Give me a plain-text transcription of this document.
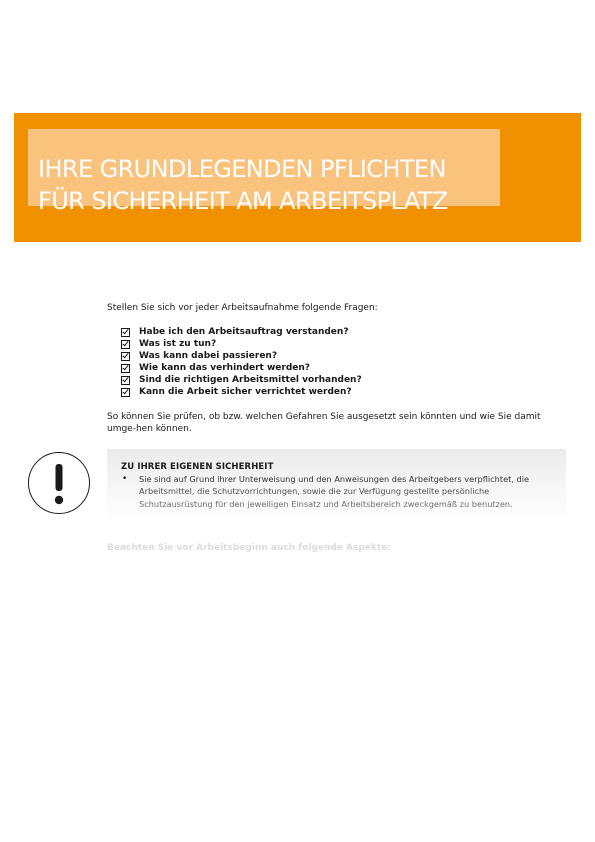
IHRE GRUNDLEGENDEN PFLICHTEN
FÜR SICHERHEIT AM ARBEITSPLATZ
Stellen Sie sich vor jeder Arbeitsaufnahme folgende Fragen:
Habe ich den Arbeitsauftrag verstanden?
Was ist zu tun?
Was kann dabei passieren?
Wie kann das verhindert werden?
Sind die richtigen Arbeitsmittel vorhanden?
Kann die Arbeit sicher verrichtet werden?
So können Sie prüfen, ob bzw. welchen Gefahren Sie ausgesetzt sein könnten und wie Sie damit umge-hen können.
ZU IHRER EIGENEN SICHERHEIT
• Sie sind auf Grund ihrer Unterweisung und den Anweisungen des Arbeitgebers verpflichtet, die Arbeitsmittel, die Schutzvorrichtungen, sowie die zur Verfügung gestellte persönliche Schutzausrüstung für den jeweiligen Einsatz und Arbeitsbereich zweckgemäß zu benutzen.
Beachten Sie vor Arbeitsbeginn auch folgende Aspekte:
